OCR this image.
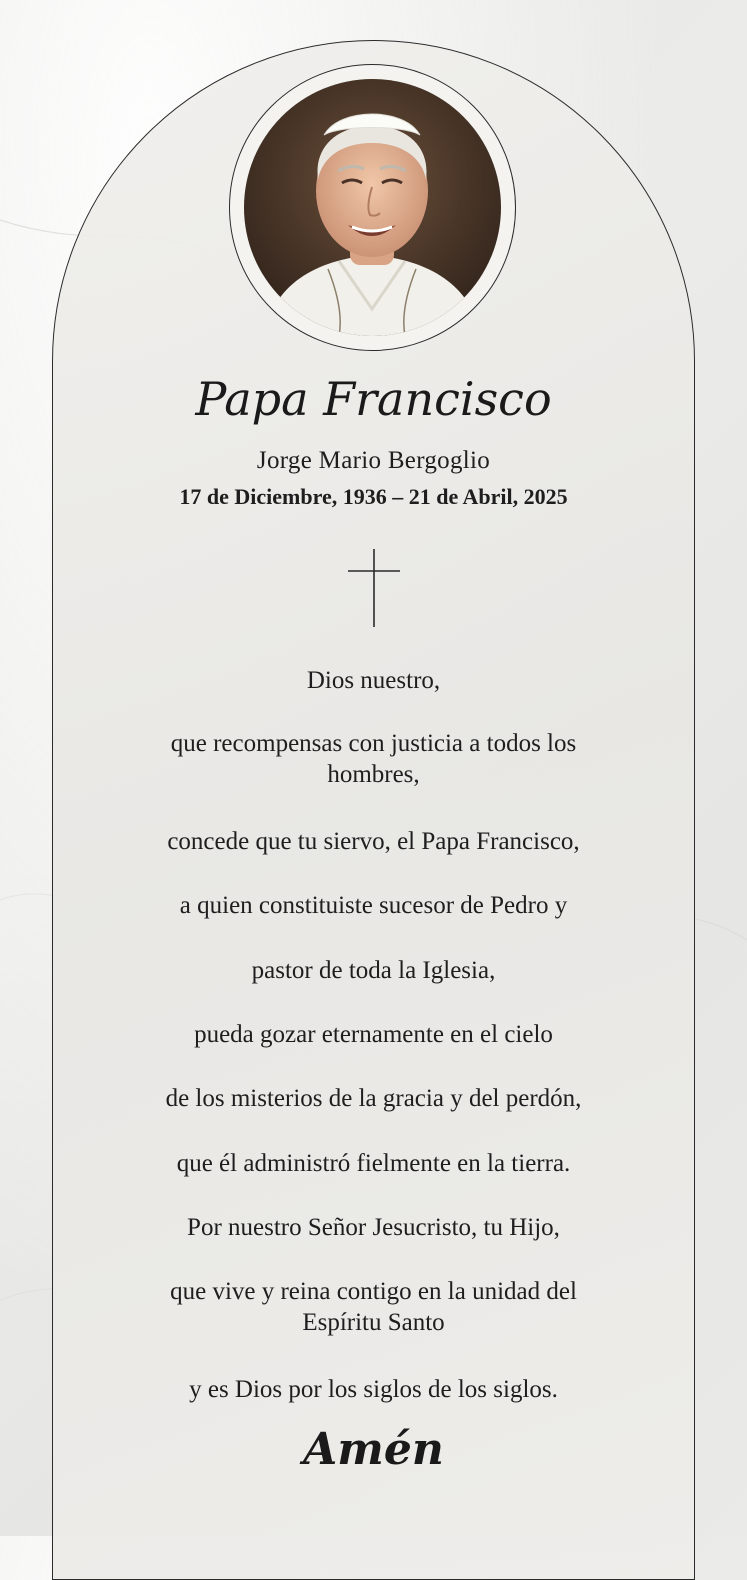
Papa Francisco
Jorge Mario Bergoglio
17 de Diciembre, 1936 – 21 de Abril, 2025
Dios nuestro,
que recompensas con justicia a todos los hombres,
concede que tu siervo, el Papa Francisco,
a quien constituiste sucesor de Pedro y
pastor de toda la Iglesia,
pueda gozar eternamente en el cielo
de los misterios de la gracia y del perdón,
que él administró fielmente en la tierra.
Por nuestro Señor Jesucristo, tu Hijo,
que vive y reina contigo en la unidad del Espíritu Santo
y es Dios por los siglos de los siglos.
Amén
